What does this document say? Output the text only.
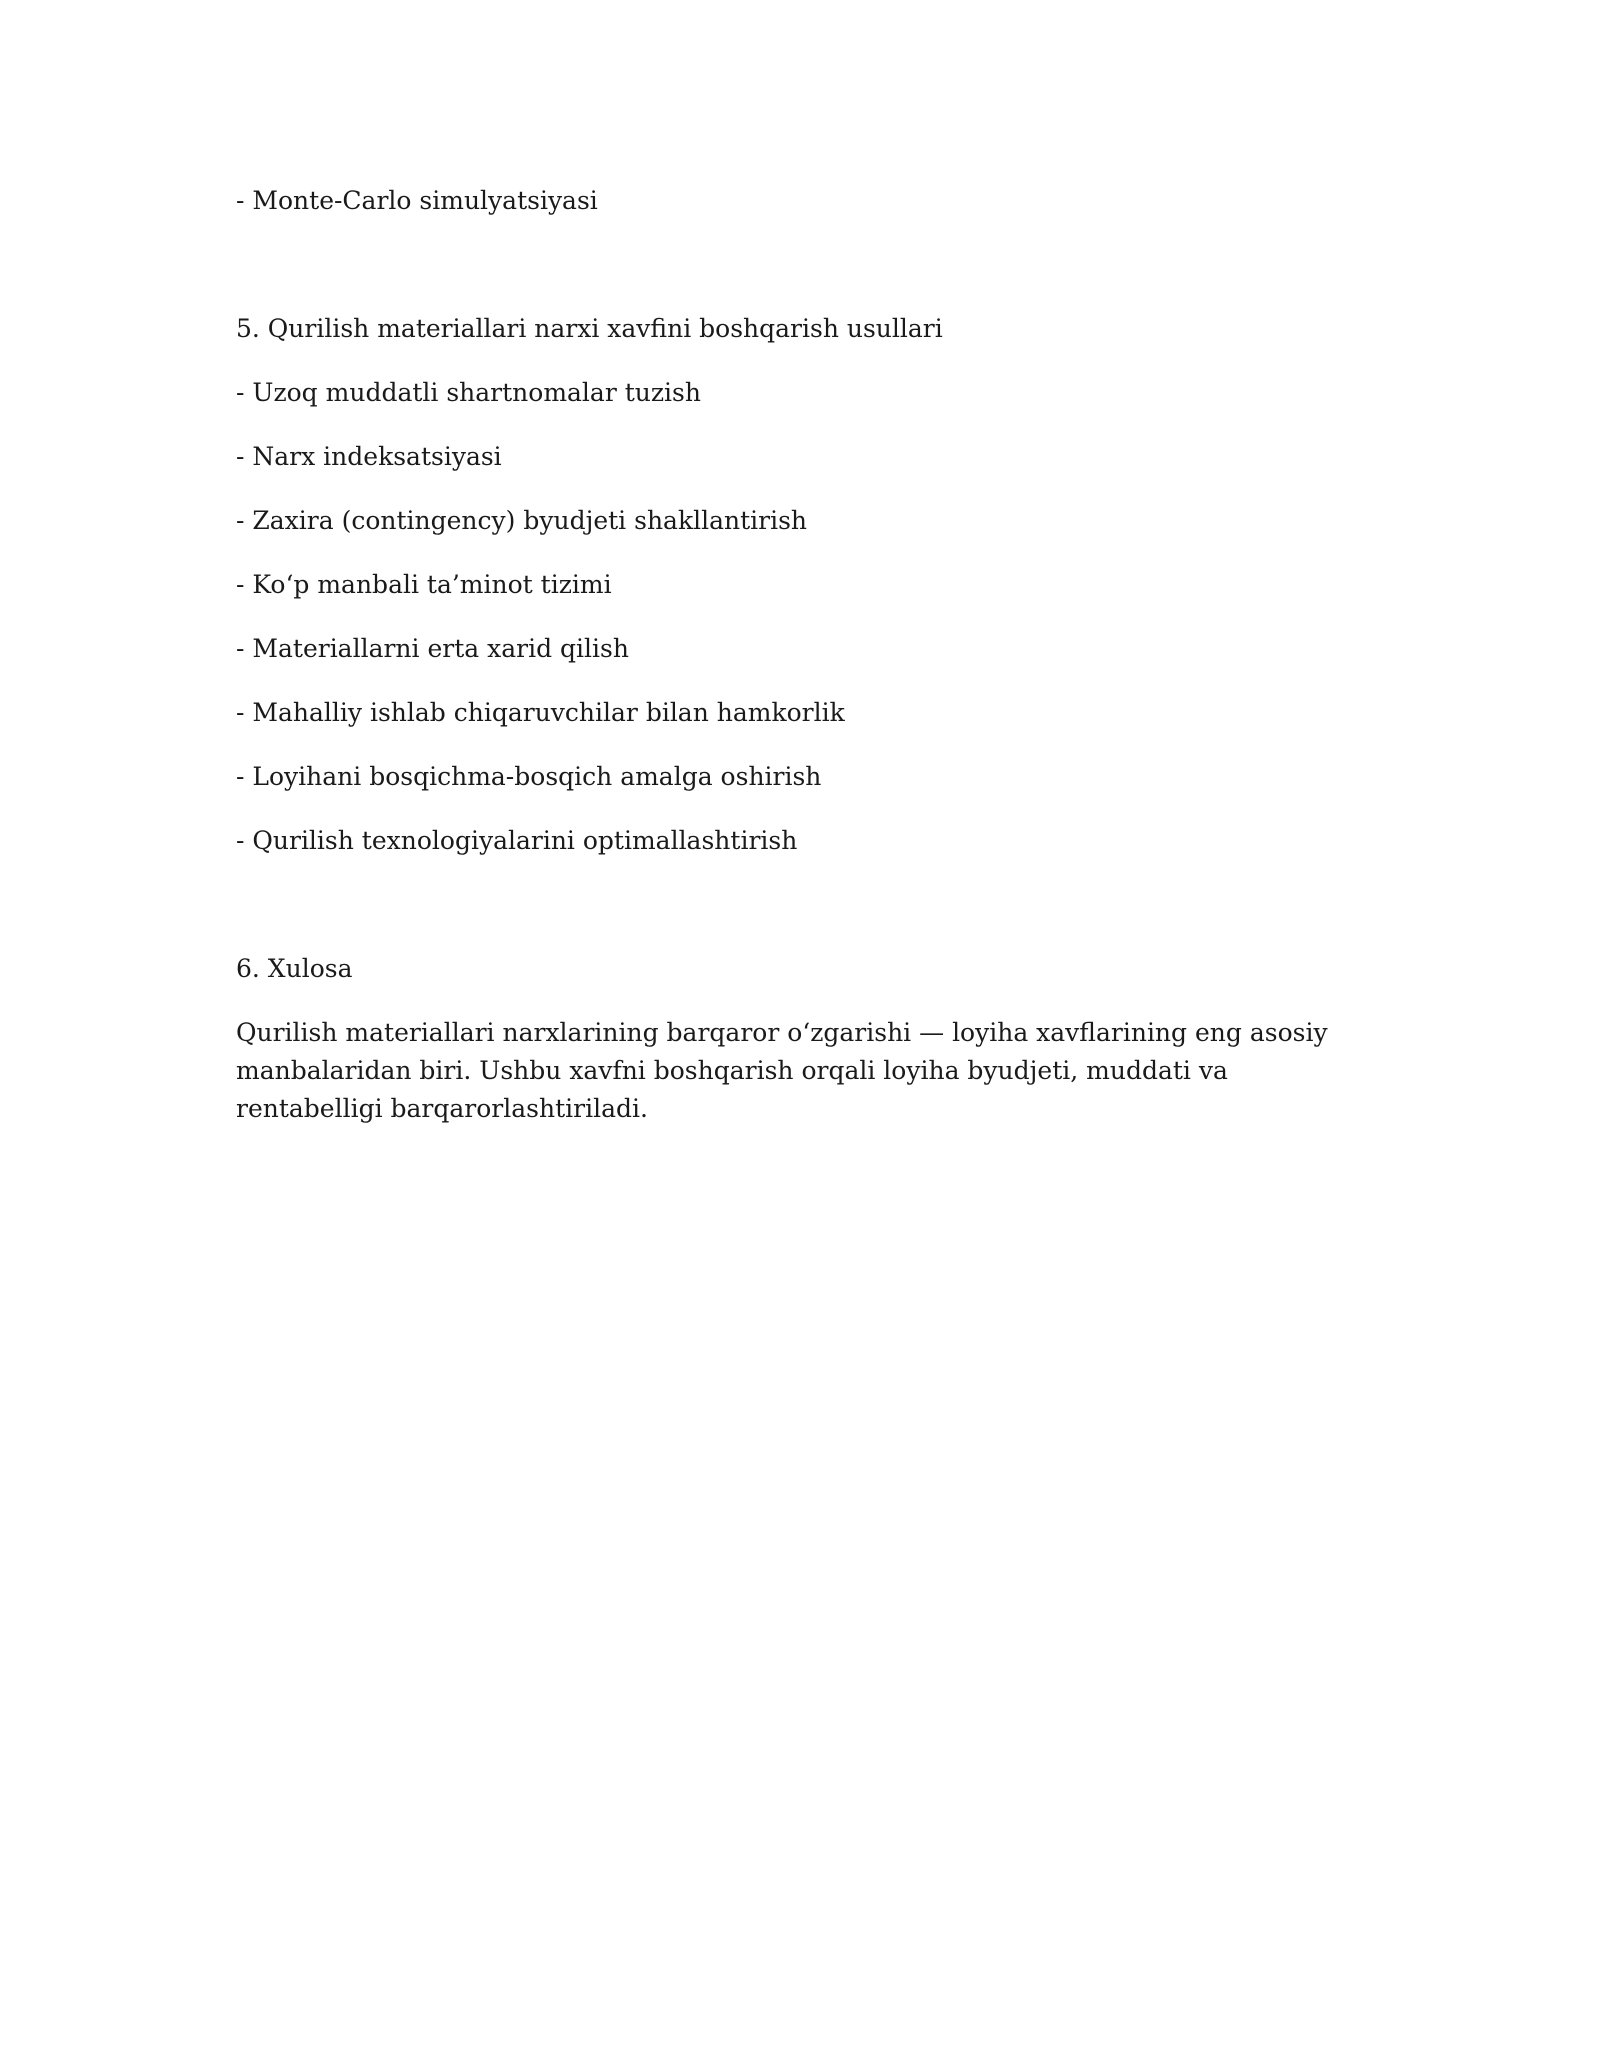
- Monte-Carlo simulyatsiyasi

5. Qurilish materiallari narxi xavfini boshqarish usullari

- Uzoq muddatli shartnomalar tuzish

- Narx indeksatsiyasi

- Zaxira (contingency) byudjeti shakllantirish

- Ko‘p manbali ta’minot tizimi

- Materiallarni erta xarid qilish

- Mahalliy ishlab chiqaruvchilar bilan hamkorlik

- Loyihani bosqichma-bosqich amalga oshirish

- Qurilish texnologiyalarini optimallashtirish

6. Xulosa

Qurilish materiallari narxlarining barqaror o‘zgarishi — loyiha xavflarining eng asosiy manbalaridan biri. Ushbu xavfni boshqarish orqali loyiha byudjeti, muddati va rentabelligi barqarorlashtiriladi.
